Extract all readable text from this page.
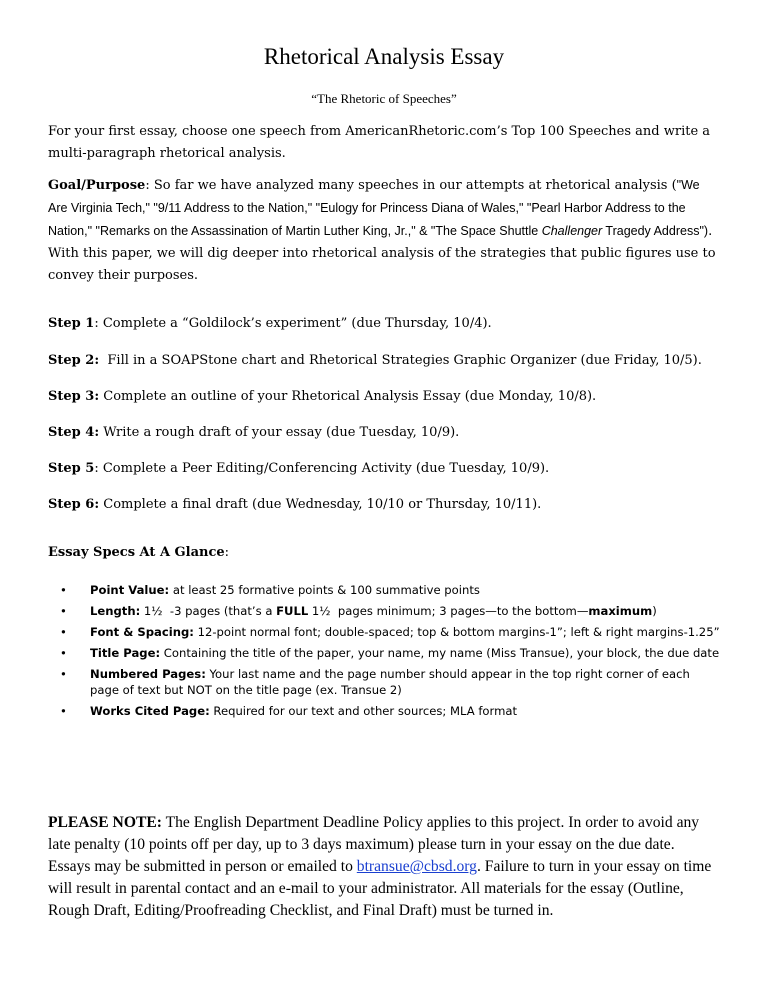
Rhetorical Analysis Essay
“The Rhetoric of Speeches”
For your first essay, choose one speech from AmericanRhetoric.com’s Top 100 Speeches and write a multi-paragraph rhetorical analysis.
Goal/Purpose: So far we have analyzed many speeches in our attempts at rhetorical analysis ("We Are Virginia Tech," "9/11 Address to the Nation," "Eulogy for Princess Diana of Wales," "Pearl Harbor Address to the Nation," "Remarks on the Assassination of Martin Luther King, Jr.," & "The Space Shuttle Challenger Tragedy Address"). With this paper, we will dig deeper into rhetorical analysis of the strategies that public figures use to convey their purposes.
Step 1: Complete a “Goldilock’s experiment” (due Thursday, 10/4).
Step 2:  Fill in a SOAPStone chart and Rhetorical Strategies Graphic Organizer (due Friday, 10/5).
Step 3: Complete an outline of your Rhetorical Analysis Essay (due Monday, 10/8).
Step 4: Write a rough draft of your essay (due Tuesday, 10/9).
Step 5: Complete a Peer Editing/Conferencing Activity (due Tuesday, 10/9).
Step 6: Complete a final draft (due Wednesday, 10/10 or Thursday, 10/11).
Essay Specs At A Glance:
• Point Value: at least 25 formative points & 100 summative points
• Length: 1½  -3 pages (that’s a FULL 1½  pages minimum; 3 pages—to the bottom—maximum)
• Font & Spacing: 12-point normal font; double-spaced; top & bottom margins-1”; left & right margins-1.25”
• Title Page: Containing the title of the paper, your name, my name (Miss Transue), your block, the due date
• Numbered Pages: Your last name and the page number should appear in the top right corner of each page of text but NOT on the title page (ex. Transue 2)
• Works Cited Page: Required for our text and other sources; MLA format
PLEASE NOTE: The English Department Deadline Policy applies to this project. In order to avoid any late penalty (10 points off per day, up to 3 days maximum) please turn in your essay on the due date. Essays may be submitted in person or emailed to btransue@cbsd.org. Failure to turn in your essay on time will result in parental contact and an e-mail to your administrator. All materials for the essay (Outline, Rough Draft, Editing/Proofreading Checklist, and Final Draft) must be turned in.
